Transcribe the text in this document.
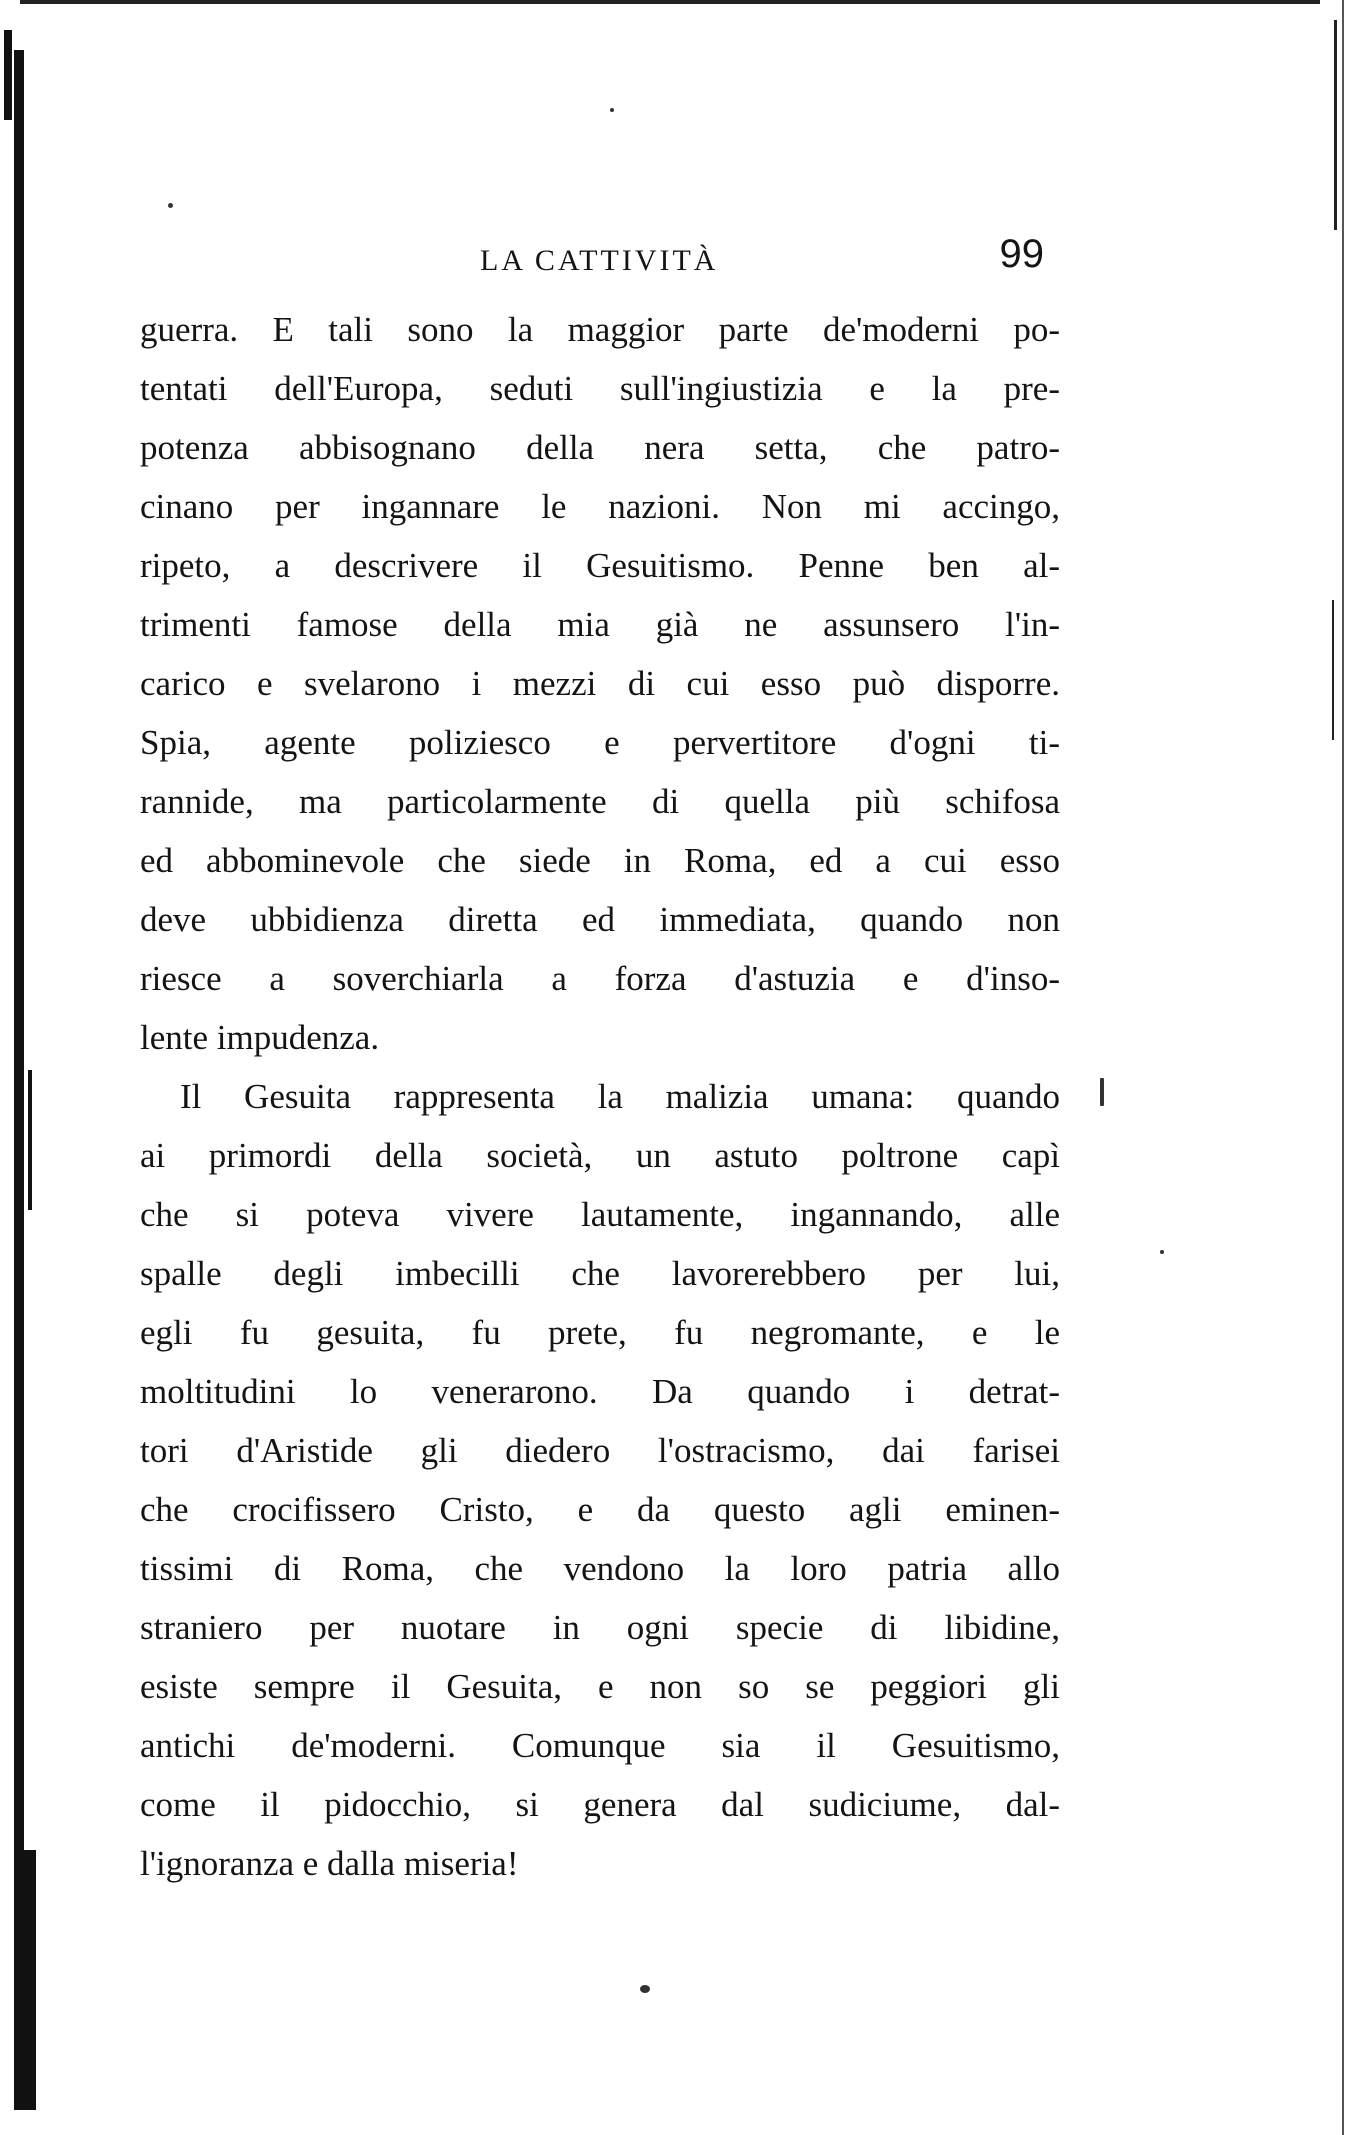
LA CATTIVITÀ	99
guerra. E tali sono la maggior parte de'moderni po-
tentati dell'Europa, seduti sull'ingiustizia e la pre-
potenza abbisognano della nera setta, che patro-
cinano per ingannare le nazioni. Non mi accingo,
ripeto, a descrivere il Gesuitismo. Penne ben al-
trimenti famose della mia già ne assunsero l'in-
carico e svelarono i mezzi di cui esso può disporre.
Spia, agente poliziesco e pervertitore d'ogni ti-
rannide, ma particolarmente di quella più schifosa
ed abbominevole che siede in Roma, ed a cui esso
deve ubbidienza diretta ed immediata, quando non
riesce a soverchiarla a forza d'astuzia e d'inso-
lente impudenza.
Il Gesuita rappresenta la malizia umana: quando
ai primordi della società, un astuto poltrone capì
che si poteva vivere lautamente, ingannando, alle
spalle degli imbecilli che lavorerebbero per lui,
egli fu gesuita, fu prete, fu negromante, e le
moltitudini lo venerarono. Da quando i detrat-
tori d'Aristide gli diedero l'ostracismo, dai farisei
che crocifissero Cristo, e da questo agli eminen-
tissimi di Roma, che vendono la loro patria allo
straniero per nuotare in ogni specie di libidine,
esiste sempre il Gesuita, e non so se peggiori gli
antichi de'moderni. Comunque sia il Gesuitismo,
come il pidocchio, si genera dal sudiciume, dal-
l'ignoranza e dalla miseria!
